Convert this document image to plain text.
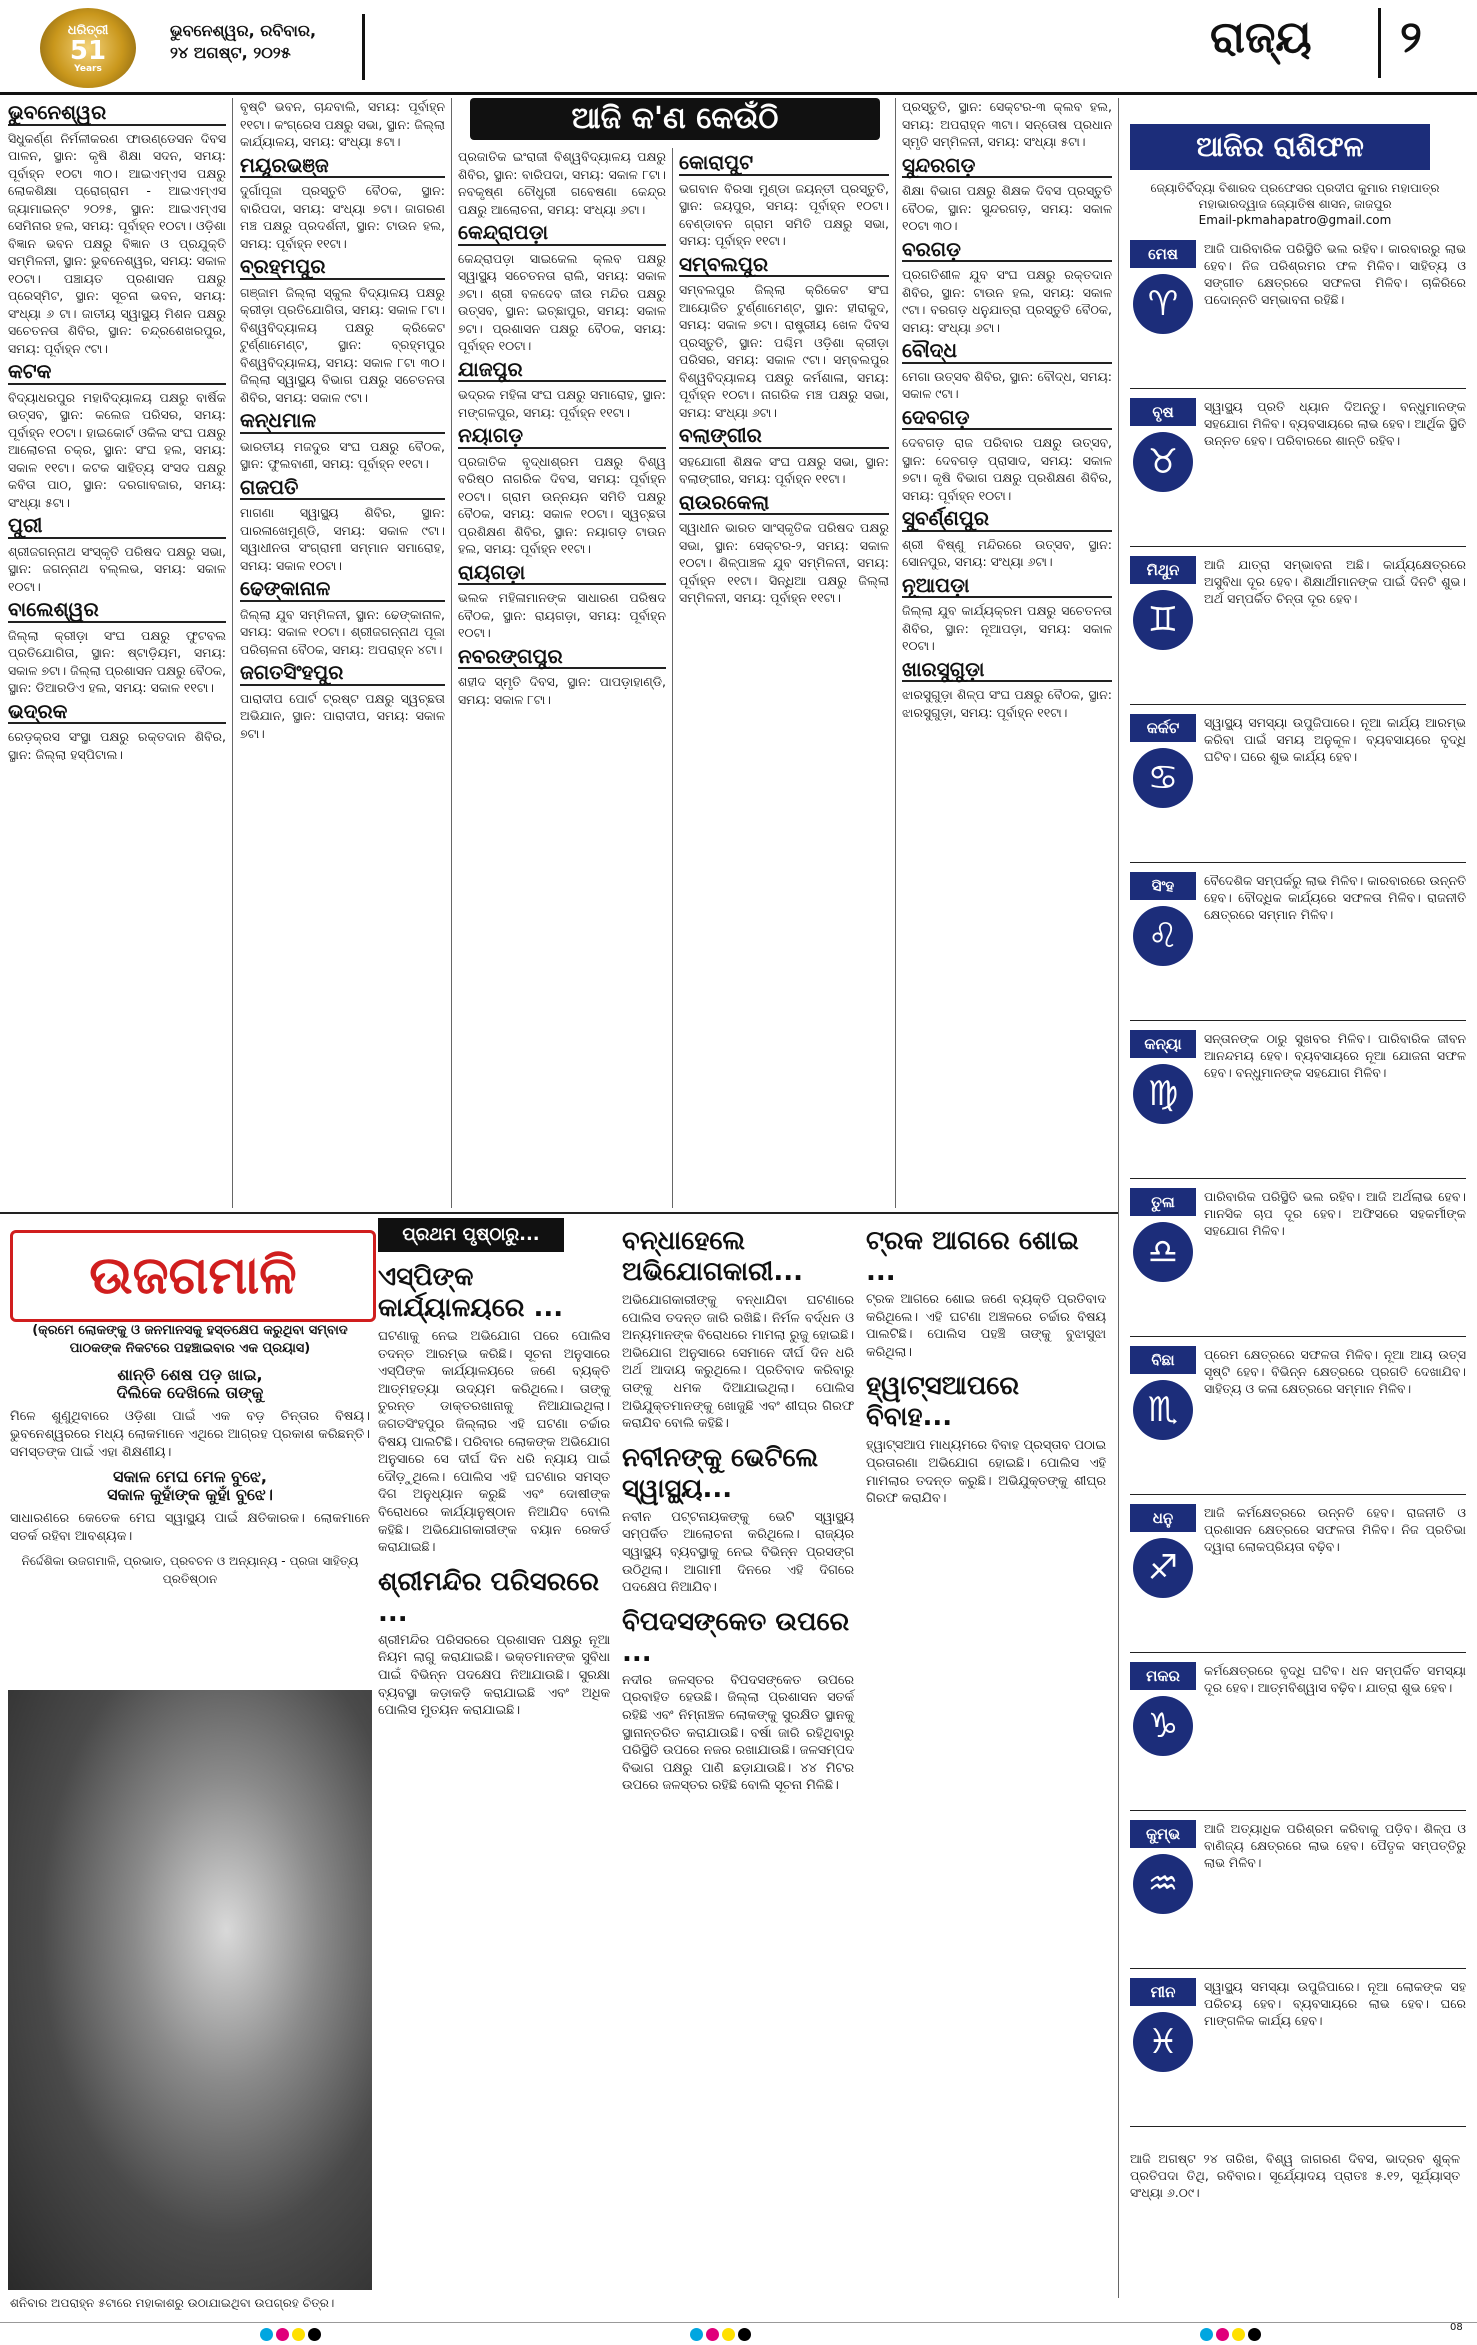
ଧରିତ୍ରୀ
51
Years
ଭୁବନେଶ୍ୱର, ରବିବାର,
୨୪ ଅଗଷ୍ଟ, ୨୦୨୫	ରାଜ୍ୟ ୨
ଆଜି କ'ଣ କେଉଁଠି
ଭୁବନେଶ୍ୱର

ସିଧୁକର୍ଣ୍ଣ ନିର୍ମଳୀକରଣ ଫାଉଣ୍ଡେସନ ଦିବସ ପାଳନ, ସ୍ଥାନ: କୃଷି ଶିକ୍ଷା ସଦନ, ସମୟ: ପୂର୍ବାହ୍ନ ୧୦ଟା ୩୦। ଆଇଏମ୍‌ଏସ ପକ୍ଷରୁ ଲୋକଶିକ୍ଷା ପ୍ରୋଗ୍ରାମ - ଆଇଏମ୍‌ଏସ ଜ୍ୟାମାଇନ୍ଟ ୨୦୨୫, ସ୍ଥାନ: ଆଇଏମ୍‌ଏସ ସେମିନାର ହଲ, ସମୟ: ପୂର୍ବାହ୍ନ ୧୦ଟା। ଓଡ଼ିଶା ବିଜ୍ଞାନ ଭବନ ପକ୍ଷରୁ ବିଜ୍ଞାନ ଓ ପ୍ରଯୁକ୍ତି ସମ୍ମିଳନୀ, ସ୍ଥାନ: ଭୁବନେଶ୍ୱର, ସମୟ: ସକାଳ ୧୦ଟା। ପଞ୍ଚାୟତ ପ୍ରଶାସନ ପକ୍ଷରୁ ପ୍ରେସ୍‌ମିଟ, ସ୍ଥାନ: ସୂଚନା ଭବନ, ସମୟ: ସଂଧ୍ୟା ୬ ଟା। ଜାତୀୟ ସ୍ୱାସ୍ଥ୍ୟ ମିଶନ ପକ୍ଷରୁ ସଚେତନତା ଶିବିର, ସ୍ଥାନ: ଚନ୍ଦ୍ରଶେଖରପୁର, ସମୟ: ପୂର୍ବାହ୍ନ ୯ଟା।

କଟକ

ବିଦ୍ୟାଧରପୁର ମହାବିଦ୍ୟାଳୟ ପକ୍ଷରୁ ବାର୍ଷିକ ଉତ୍ସବ, ସ୍ଥାନ: କଲେଜ ପରିସର, ସମୟ: ପୂର୍ବାହ୍ନ ୧୦ଟା। ହାଇକୋର୍ଟ ଓକିଲ ସଂଘ ପକ୍ଷରୁ ଆଲୋଚନା ଚକ୍ର, ସ୍ଥାନ: ସଂଘ ହଲ, ସମୟ: ସକାଳ ୧୧ଟା। କଟକ ସାହିତ୍ୟ ସଂସଦ ପକ୍ଷରୁ କବିତା ପାଠ, ସ୍ଥାନ: ଦରଗାବଜାର, ସମୟ: ସଂଧ୍ୟା ୫ଟା।

ପୁରୀ

ଶ୍ରୀଜଗନ୍ନାଥ ସଂସ୍କୃତି ପରିଷଦ ପକ୍ଷରୁ ସଭା, ସ୍ଥାନ: ଜଗନ୍ନାଥ ବଲ୍ଲଭ, ସମୟ: ସକାଳ ୧୦ଟା।

ବାଲେଶ୍ୱର

ଜିଲ୍ଲା କ୍ରୀଡ଼ା ସଂଘ ପକ୍ଷରୁ ଫୁଟବଲ ପ୍ରତିଯୋଗିତା, ସ୍ଥାନ: ଷ୍ଟାଡ଼ିୟମ, ସମୟ: ସକାଳ ୭ଟା। ଜିଲ୍ଲା ପ୍ରଶାସନ ପକ୍ଷରୁ ବୈଠକ, ସ୍ଥାନ: ଡିଆରଡିଏ ହଲ, ସମୟ: ସକାଳ ୧୧ଟା।

ଭଦ୍ରକ

ରେଡ଼କ୍ରସ ସଂସ୍ଥା ପକ୍ଷରୁ ରକ୍ତଦାନ ଶିବିର, ସ୍ଥାନ: ଜିଲ୍ଲା ହସ୍ପିଟାଲ।

ବୃଷ୍ଟି ଭବନ, ଚାନ୍ଦବାଲି, ସମୟ: ପୂର୍ବାହ୍ନ ୧୧ଟା। କଂଗ୍ରେସ ପକ୍ଷରୁ ସଭା, ସ୍ଥାନ: ଜିଲ୍ଲା କାର୍ଯ୍ୟାଳୟ, ସମୟ: ସଂଧ୍ୟା ୫ଟା।

ମୟୂରଭଞ୍ଜ

ଦୁର୍ଗାପୂଜା ପ୍ରସ୍ତୁତି ବୈଠକ, ସ୍ଥାନ: ବାରିପଦା, ସମୟ: ସଂଧ୍ୟା ୭ଟା। ଜାଗରଣ ମଞ୍ଚ ପକ୍ଷରୁ ପ୍ରଦର୍ଶନୀ, ସ୍ଥାନ: ଟାଉନ ହଲ, ସମୟ: ପୂର୍ବାହ୍ନ ୧୧ଟା।

ବ୍ରହ୍ମପୁର

ଗଞ୍ଜାମ ଜିଲ୍ଲା ସ୍କୁଲ ବିଦ୍ୟାଳୟ ପକ୍ଷରୁ କ୍ରୀଡ଼ା ପ୍ରତିଯୋଗିତା, ସମୟ: ସକାଳ ୮ଟା। ବିଶ୍ୱବିଦ୍ୟାଳୟ ପକ୍ଷରୁ କ୍ରିକେଟ ଟୁର୍ଣ୍ଣାମେଣ୍ଟ, ସ୍ଥାନ: ବ୍ରହ୍ମପୁର ବିଶ୍ୱବିଦ୍ୟାଳୟ, ସମୟ: ସକାଳ ୮ଟା ୩୦। ଜିଲ୍ଲା ସ୍ୱାସ୍ଥ୍ୟ ବିଭାଗ ପକ୍ଷରୁ ସଚେତନତା ଶିବିର, ସମୟ: ସକାଳ ୯ଟା।

କନ୍ଧମାଳ

ଭାରତୀୟ ମଜଦୁର ସଂଘ ପକ୍ଷରୁ ବୈଠକ, ସ୍ଥାନ: ଫୁଲବାଣୀ, ସମୟ: ପୂର୍ବାହ୍ନ ୧୧ଟା।

ଗଜପତି

ମାଗଣା ସ୍ୱାସ୍ଥ୍ୟ ଶିବିର, ସ୍ଥାନ: ପାରଳାଖେମୁଣ୍ଡି, ସମୟ: ସକାଳ ୯ଟା। ସ୍ୱାଧୀନତା ସଂଗ୍ରାମୀ ସମ୍ମାନ ସମାରୋହ, ସମୟ: ସକାଳ ୧୦ଟା।

ଢେଙ୍କାନାଳ

ଜିଲ୍ଲା ଯୁବ ସମ୍ମିଳନୀ, ସ୍ଥାନ: ଢେଙ୍କାନାଳ, ସମୟ: ସକାଳ ୧୦ଟା। ଶ୍ରୀଜଗନ୍ନାଥ ପୂଜା ପରିଚାଳନା ବୈଠକ, ସମୟ: ଅପରାହ୍ନ ୪ଟା।

ଜଗତସିଂହପୁର

ପାରାଦୀପ ପୋର୍ଟ ଟ୍ରଷ୍ଟ ପକ୍ଷରୁ ସ୍ୱଚ୍ଛତା ଅଭିଯାନ, ସ୍ଥାନ: ପାରାଦୀପ, ସମୟ: ସକାଳ ୭ଟା।

ପ୍ରଜାତିକ ଇଂରାଜୀ ବିଶ୍ୱବିଦ୍ୟାଳୟ ପକ୍ଷରୁ ଶିବିର, ସ୍ଥାନ: ବାରିପଦା, ସମୟ: ସକାଳ ୮ଟା। ନବକୃଷ୍ଣ ଚୌଧୁରୀ ଗବେଷଣା କେନ୍ଦ୍ର ପକ୍ଷରୁ ଆଲୋଚନା, ସମୟ: ସଂଧ୍ୟା ୬ଟା।

କେନ୍ଦ୍ରାପଡ଼ା

କେନ୍ଦ୍ରାପଡ଼ା ସାଇକେଲ କ୍ଲବ ପକ୍ଷରୁ ସ୍ୱାସ୍ଥ୍ୟ ସଚେତନତା ରାଲି, ସମୟ: ସକାଳ ୬ଟା। ଶ୍ରୀ ବଳଦେବ ଜୀଉ ମନ୍ଦିର ପକ୍ଷରୁ ଉତ୍ସବ, ସ୍ଥାନ: ଇଚ୍ଛାପୁର, ସମୟ: ସକାଳ ୭ଟା। ପ୍ରଶାସନ ପକ୍ଷରୁ ବୈଠକ, ସମୟ: ପୂର୍ବାହ୍ନ ୧୦ଟା।

ଯାଜପୁର

ଭଦ୍ରକ ମହିଳା ସଂଘ ପକ୍ଷରୁ ସମାରୋହ, ସ୍ଥାନ: ମଙ୍ଗଳପୁର, ସମୟ: ପୂର୍ବାହ୍ନ ୧୧ଟା।

ନୟାଗଡ଼

ପ୍ରଜାତିକ ବୃଦ୍ଧାଶ୍ରମ ପକ୍ଷରୁ ବିଶ୍ୱ ବରିଷ୍ଠ ନାଗରିକ ଦିବସ, ସମୟ: ପୂର୍ବାହ୍ନ ୧୦ଟା। ଗ୍ରାମ ଉନ୍ନୟନ ସମିତି ପକ୍ଷରୁ ବୈଠକ, ସମୟ: ସକାଳ ୧୦ଟା। ସ୍ୱଚ୍ଛତା ପ୍ରଶିକ୍ଷଣ ଶିବିର, ସ୍ଥାନ: ନୟାଗଡ଼ ଟାଉନ ହଲ, ସମୟ: ପୂର୍ବାହ୍ନ ୧୧ଟା।

ରାୟଗଡ଼ା

ଭଲକ ମହିଳାମାନଙ୍କ ସାଧାରଣ ପରିଷଦ ବୈଠକ, ସ୍ଥାନ: ରାୟଗଡ଼ା, ସମୟ: ପୂର୍ବାହ୍ନ ୧୦ଟା।

ନବରଙ୍ଗପୁର

ଶହୀଦ ସ୍ମୃତି ଦିବସ, ସ୍ଥାନ: ପାପଡ଼ାହାଣ୍ଡି, ସମୟ: ସକାଳ ୮ଟା।

କୋରାପୁଟ

ଭଗବାନ ବିରସା ମୁଣ୍ଡା ଜୟନ୍ତୀ ପ୍ରସ୍ତୁତି, ସ୍ଥାନ: ଜୟପୁର, ସମୟ: ପୂର୍ବାହ୍ନ ୧୦ଟା। ବେଣ୍ଡାବନ ଗ୍ରାମ ସମିତି ପକ୍ଷରୁ ସଭା, ସମୟ: ପୂର୍ବାହ୍ନ ୧୧ଟା।

ସମ୍ବଲପୁର

ସମ୍ବଲପୁର ଜିଲ୍ଲା କ୍ରିକେଟ ସଂଘ ଆୟୋଜିତ ଟୁର୍ଣ୍ଣାମେଣ୍ଟ, ସ୍ଥାନ: ହୀରାକୁଦ, ସମୟ: ସକାଳ ୭ଟା। ରାଷ୍ଟ୍ରୀୟ ଖେଳ ଦିବସ ପ୍ରସ୍ତୁତି, ସ୍ଥାନ: ପଶ୍ଚିମ ଓଡ଼ିଶା କ୍ରୀଡ଼ା ପରିସର, ସମୟ: ସକାଳ ୯ଟା। ସମ୍ବଲପୁର ବିଶ୍ୱବିଦ୍ୟାଳୟ ପକ୍ଷରୁ କର୍ମଶାଳା, ସମୟ: ପୂର୍ବାହ୍ନ ୧୦ଟା। ନାଗରିକ ମଞ୍ଚ ପକ୍ଷରୁ ସଭା, ସମୟ: ସଂଧ୍ୟା ୬ଟା।

ବଲାଙ୍ଗୀର

ସହଯୋଗୀ ଶିକ୍ଷକ ସଂଘ ପକ୍ଷରୁ ସଭା, ସ୍ଥାନ: ବଲାଙ୍ଗୀର, ସମୟ: ପୂର୍ବାହ୍ନ ୧୧ଟା।

ରାଉରକେଲା

ସ୍ୱାଧୀନ ଭାରତ ସାଂସ୍କୃତିକ ପରିଷଦ ପକ୍ଷରୁ ସଭା, ସ୍ଥାନ: ସେକ୍ଟର-୨, ସମୟ: ସକାଳ ୧୦ଟା। ଶିଳ୍ପାଞ୍ଚଳ ଯୁବ ସମ୍ମିଳନୀ, ସମୟ: ପୂର୍ବାହ୍ନ ୧୧ଟା। ସିନ୍ଧିଆ ପକ୍ଷରୁ ଜିଲ୍ଲା ସମ୍ମିଳନୀ, ସମୟ: ପୂର୍ବାହ୍ନ ୧୧ଟା।

ପ୍ରସ୍ତୁତି, ସ୍ଥାନ: ସେକ୍ଟର-୩ କ୍ଲବ ହଲ, ସମୟ: ଅପରାହ୍ନ ୩ଟା। ସନ୍ତୋଷ ପ୍ରଧାନ ସ୍ମୃତି ସମ୍ମିଳନୀ, ସମୟ: ସଂଧ୍ୟା ୫ଟା।

ସୁନ୍ଦରଗଡ଼

ଶିକ୍ଷା ବିଭାଗ ପକ୍ଷରୁ ଶିକ୍ଷକ ଦିବସ ପ୍ରସ୍ତୁତି ବୈଠକ, ସ୍ଥାନ: ସୁନ୍ଦରଗଡ଼, ସମୟ: ସକାଳ ୧୦ଟା ୩୦।

ବରଗଡ଼

ପ୍ରଗତିଶୀଳ ଯୁବ ସଂଘ ପକ୍ଷରୁ ରକ୍ତଦାନ ଶିବିର, ସ୍ଥାନ: ଟାଉନ ହଲ, ସମୟ: ସକାଳ ୯ଟା। ବରଗଡ଼ ଧନୁଯାତ୍ରା ପ୍ରସ୍ତୁତି ବୈଠକ, ସମୟ: ସଂଧ୍ୟା ୬ଟା।

ବୌଦ୍ଧ

ମେଗା ଉତ୍ସବ ଶିବିର, ସ୍ଥାନ: ବୌଦ୍ଧ, ସମୟ: ସକାଳ ୯ଟା।

ଦେବଗଡ଼

ଦେବଗଡ଼ ରାଜ ପରିବାର ପକ୍ଷରୁ ଉତ୍ସବ, ସ୍ଥାନ: ଦେବଗଡ଼ ପ୍ରାସାଦ, ସମୟ: ସକାଳ ୭ଟା। କୃଷି ବିଭାଗ ପକ୍ଷରୁ ପ୍ରଶିକ୍ଷଣ ଶିବିର, ସମୟ: ପୂର୍ବାହ୍ନ ୧୦ଟା।

ସୁବର୍ଣ୍ଣପୁର

ଶ୍ରୀ ବିଷ୍ଣୁ ମନ୍ଦିରରେ ଉତ୍ସବ, ସ୍ଥାନ: ସୋନପୁର, ସମୟ: ସଂଧ୍ୟା ୬ଟା।

ନୂଆପଡ଼ା

ଜିଲ୍ଲା ଯୁବ କାର୍ଯ୍ୟକ୍ରମ ପକ୍ଷରୁ ସଚେତନତା ଶିବିର, ସ୍ଥାନ: ନୂଆପଡ଼ା, ସମୟ: ସକାଳ ୧୦ଟା।

ଖାରସୁଗୁଡ଼ା

ଝାରସୁଗୁଡ଼ା ଶିଳ୍ପ ସଂଘ ପକ୍ଷରୁ ବୈଠକ, ସ୍ଥାନ: ଝାରସୁଗୁଡ଼ା, ସମୟ: ପୂର୍ବାହ୍ନ ୧୧ଟା।

ଆଜିର ରାଶିଫଳ
ଜ୍ୟୋତିର୍ବିଦ୍ୟା ବିଶାରଦ ପ୍ରଫେସର ପ୍ରଦୀପ କୁମାର ମହାପାତ୍ର
ମହାଭାରଦ୍ୱାଜ ଜ୍ୟୋତିଷ ଶାସନ, ଜାଜପୁର
Email-pkmahapatro@gmail.com
ମେଷ
♈
ଆଜି ପାରିବାରିକ ପରିସ୍ଥିତି ଭଲ ରହିବ। କାରବାରରୁ ଲାଭ ହେବ। ନିଜ ପରିଶ୍ରମର ଫଳ ମିଳିବ। ସାହିତ୍ୟ ଓ ସଙ୍ଗୀତ କ୍ଷେତ୍ରରେ ସଫଳତା ମିଳିବ। ଚାକିରିରେ ପଦୋନ୍ନତି ସମ୍ଭାବନା ରହିଛି।
ବୃଷ
♉
ସ୍ୱାସ୍ଥ୍ୟ ପ୍ରତି ଧ୍ୟାନ ଦିଅନ୍ତୁ। ବନ୍ଧୁମାନଙ୍କ ସହଯୋଗ ମିଳିବ। ବ୍ୟବସାୟରେ ଲାଭ ହେବ। ଆର୍ଥିକ ସ୍ଥିତି ଉନ୍ନତ ହେବ। ପରିବାରରେ ଶାନ୍ତି ରହିବ।
ମିଥୁନ
♊
ଆଜି ଯାତ୍ରା ସମ୍ଭାବନା ଅଛି। କାର୍ଯ୍ୟକ୍ଷେତ୍ରରେ ଅସୁବିଧା ଦୂର ହେବ। ଶିକ୍ଷାର୍ଥୀମାନଙ୍କ ପାଇଁ ଦିନଟି ଶୁଭ। ଅର୍ଥ ସମ୍ପର୍କିତ ଚିନ୍ତା ଦୂର ହେବ।
କର୍କଟ
♋
ସ୍ୱାସ୍ଥ୍ୟ ସମସ୍ୟା ଉପୁଜିପାରେ। ନୂଆ କାର୍ଯ୍ୟ ଆରମ୍ଭ କରିବା ପାଇଁ ସମୟ ଅନୁକୂଳ। ବ୍ୟବସାୟରେ ବୃଦ୍ଧି ଘଟିବ। ଘରେ ଶୁଭ କାର୍ଯ୍ୟ ହେବ।
ସିଂହ
♌
ବୈଦେଶିକ ସମ୍ପର୍କରୁ ଲାଭ ମିଳିବ। କାରବାରରେ ଉନ୍ନତି ହେବ। ବୌଦ୍ଧିକ କାର୍ଯ୍ୟରେ ସଫଳତା ମିଳିବ। ରାଜନୀତି କ୍ଷେତ୍ରରେ ସମ୍ମାନ ମିଳିବ।
କନ୍ୟା
♍
ସନ୍ତାନଙ୍କ ଠାରୁ ସୁଖବର ମିଳିବ। ପାରିବାରିକ ଜୀବନ ଆନନ୍ଦମୟ ହେବ। ବ୍ୟବସାୟରେ ନୂଆ ଯୋଜନା ସଫଳ ହେବ। ବନ୍ଧୁମାନଙ୍କ ସହଯୋଗ ମିଳିବ।
ତୁଳା
♎
ପାରିବାରିକ ପରିସ୍ଥିତି ଭଲ ରହିବ। ଆଜି ଅର୍ଥଲାଭ ହେବ। ମାନସିକ ଚାପ ଦୂର ହେବ। ଅଫିସରେ ସହକର୍ମୀଙ୍କ ସହଯୋଗ ମିଳିବ।
ବିଛା
♏
ପ୍ରେମ କ୍ଷେତ୍ରରେ ସଫଳତା ମିଳିବ। ନୂଆ ଆୟ ଉତ୍ସ ସୃଷ୍ଟି ହେବ। ବିଭିନ୍ନ କ୍ଷେତ୍ରରେ ପ୍ରଗତି ଦେଖାଯିବ। ସାହିତ୍ୟ ଓ କଳା କ୍ଷେତ୍ରରେ ସମ୍ମାନ ମିଳିବ।
ଧନୁ
♐
ଆଜି କର୍ମକ୍ଷେତ୍ରରେ ଉନ୍ନତି ହେବ। ରାଜନୀତି ଓ ପ୍ରଶାସନ କ୍ଷେତ୍ରରେ ସଫଳତା ମିଳିବ। ନିଜ ପ୍ରତିଭା ଦ୍ୱାରା ଲୋକପ୍ରିୟତା ବଢ଼ିବ।
ମକର
♑
କର୍ମକ୍ଷେତ୍ରରେ ବୃଦ୍ଧି ଘଟିବ। ଧନ ସମ୍ପର୍କିତ ସମସ୍ୟା ଦୂର ହେବ। ଆତ୍ମବିଶ୍ୱାସ ବଢ଼ିବ। ଯାତ୍ରା ଶୁଭ ହେବ।
କୁମ୍ଭ
♒
ଆଜି ଅତ୍ୟାଧିକ ପରିଶ୍ରମ କରିବାକୁ ପଡ଼ିବ। ଶିଳ୍ପ ଓ ବାଣିଜ୍ୟ କ୍ଷେତ୍ରରେ ଲାଭ ହେବ। ପୈତୃକ ସମ୍ପତ୍ତିରୁ ଲାଭ ମିଳିବ।
ମୀନ
♓
ସ୍ୱାସ୍ଥ୍ୟ ସମସ୍ୟା ଉପୁଜିପାରେ। ନୂଆ ଲୋକଙ୍କ ସହ ପରିଚୟ ହେବ। ବ୍ୟବସାୟରେ ଲାଭ ହେବ। ଘରେ ମାଙ୍ଗଳିକ କାର୍ଯ୍ୟ ହେବ।
ଆଜି ଅଗଷ୍ଟ ୨୪ ତାରିଖ, ବିଶ୍ୱ ଜାଗରଣ ଦିବସ, ଭାଦ୍ରବ ଶୁକ୍ଳ ପ୍ରତିପଦା ତିଥି, ରବିବାର। ସୂର୍ଯ୍ୟୋଦୟ ପ୍ରାତଃ ୫.୧୨, ସୂର୍ଯ୍ୟାସ୍ତ ସଂଧ୍ୟା ୬.୦୯।
ଉଜଗମାଳି
(କ୍ରମେ ଲୋକଙ୍କୁ ଓ ଜନମାନସକୁ ହସ୍ତକ୍ଷେପ କରୁଥିବା ସମ୍ବାଦ ପାଠକଙ୍କ ନିକଟରେ ପହଞ୍ଚାଇବାର ଏକ ପ୍ରୟାସ)
ଶାନ୍ତି ଶେଷ ପଡ଼ ଖାଇ,
ଦିଲିକେ ଦେଖିଲେ ତାଙ୍କୁ
ମିଳେ ଶୁଣୁଥିବାରେ ଓଡ଼ିଶା ପାଇଁ ଏକ ବଡ଼ ଚିନ୍ତାର ବିଷୟ। ଭୁବନେଶ୍ୱରରେ ମଧ୍ୟ ଲୋକମାନେ ଏଥିରେ ଆଗ୍ରହ ପ୍ରକାଶ କରିଛନ୍ତି। ସମସ୍ତଙ୍କ ପାଇଁ ଏହା ଶିକ୍ଷଣୀୟ।
ସକାଳ ମେଘ ମେଳ ବୁଝେ,
ସକାଳ କୁହାଁଙ୍କ କୁହାଁ ବୁଝେ।
ସାଧାରଣରେ କେତେକ ମେଘ ସ୍ୱାସ୍ଥ୍ୟ ପାଇଁ କ୍ଷତିକାରକ। ଲୋକମାନେ ସତର୍କ ରହିବା ଆବଶ୍ୟକ।
ନିର୍ଦ୍ଦେଶିକା ଉଜଗମାଳି, ପ୍ରଭାତ, ପ୍ରବଚନ ଓ ଅନ୍ୟାନ୍ୟ - ପ୍ରଜା ସାହିତ୍ୟ ପ୍ରତିଷ୍ଠାନ
ଶନିବାର ଅପରାହ୍ନ ୫ଟାରେ ମହାକାଶରୁ ଉଠାଯାଇଥିବା ଉପଗ୍ରହ ଚିତ୍ର।
ପ୍ରଥମ ପୃଷ୍ଠାରୁ...
ଏସ୍‌ପିଙ୍କ କାର୍ଯ୍ୟାଳୟରେ ...
ଘଟଣାକୁ ନେଇ ଅଭିଯୋଗ ପରେ ପୋଲିସ ତଦନ୍ତ ଆରମ୍ଭ କରିଛି। ସୂଚନା ଅନୁସାରେ ଏସ୍‌ପିଙ୍କ କାର୍ଯ୍ୟାଳୟରେ ଜଣେ ବ୍ୟକ୍ତି ଆତ୍ମହତ୍ୟା ଉଦ୍ୟମ କରିଥିଲେ। ତାଙ୍କୁ ତୁରନ୍ତ ଡାକ୍ତରଖାନାକୁ ନିଆଯାଇଥିଲା। ଜଗତସିଂହପୁର ଜିଲ୍ଲାର ଏହି ଘଟଣା ଚର୍ଚ୍ଚାର ବିଷୟ ପାଲଟିଛି। ପରିବାର ଲୋକଙ୍କ ଅଭିଯୋଗ ଅନୁସାରେ ସେ ଦୀର୍ଘ ଦିନ ଧରି ନ୍ୟାୟ ପାଇଁ ଦୌଡ଼ୁଥିଲେ। ପୋଲିସ ଏହି ଘଟଣାର ସମସ୍ତ ଦିଗ ଅନୁଧ୍ୟାନ କରୁଛି ଏବଂ ଦୋଷୀଙ୍କ ବିରୋଧରେ କାର୍ଯ୍ୟାନୁଷ୍ଠାନ ନିଆଯିବ ବୋଲି କହିଛି। ଅଭିଯୋଗକାରୀଙ୍କ ବୟାନ ରେକର୍ଡ କରାଯାଇଛି।
ଶ୍ରୀମନ୍ଦିର ପରିସରରେ ...
ଶ୍ରୀମନ୍ଦିର ପରିସରରେ ପ୍ରଶାସନ ପକ୍ଷରୁ ନୂଆ ନିୟମ ଲାଗୁ କରାଯାଇଛି। ଭକ୍ତମାନଙ୍କ ସୁବିଧା ପାଇଁ ବିଭିନ୍ନ ପଦକ୍ଷେପ ନିଆଯାଉଛି। ସୁରକ୍ଷା ବ୍ୟବସ୍ଥା କଡ଼ାକଡ଼ି କରାଯାଇଛି ଏବଂ ଅଧିକ ପୋଲିସ ମୁତୟନ କରାଯାଇଛି।
ବନ୍ଧାହେଲେ ଅଭିଯୋଗକାରୀ...
ଅଭିଯୋଗକାରୀଙ୍କୁ ବନ୍ଧାଯିବା ଘଟଣାରେ ପୋଲିସ ତଦନ୍ତ ଜାରି ରଖିଛି। ନିର୍ମଳ ବର୍ଦ୍ଧନ ଓ ଅନ୍ୟମାନଙ୍କ ବିରୋଧରେ ମାମଲା ରୁଜୁ ହୋଇଛି। ଅଭିଯୋଗ ଅନୁସାରେ ସେମାନେ ଦୀର୍ଘ ଦିନ ଧରି ଅର୍ଥ ଆଦାୟ କରୁଥିଲେ। ପ୍ରତିବାଦ କରିବାରୁ ତାଙ୍କୁ ଧମକ ଦିଆଯାଇଥିଲା। ପୋଲିସ ଅଭିଯୁକ୍ତମାନଙ୍କୁ ଖୋଜୁଛି ଏବଂ ଶୀଘ୍ର ଗିରଫ କରାଯିବ ବୋଲି କହିଛି।
ନବୀନଙ୍କୁ ଭେଟିଲେ ସ୍ୱାସ୍ଥ୍ୟ...
ନବୀନ ପଟ୍ଟନାୟକଙ୍କୁ ଭେଟି ସ୍ୱାସ୍ଥ୍ୟ ସମ୍ପର୍କିତ ଆଲୋଚନା କରିଥିଲେ। ରାଜ୍ୟର ସ୍ୱାସ୍ଥ୍ୟ ବ୍ୟବସ୍ଥାକୁ ନେଇ ବିଭିନ୍ନ ପ୍ରସଙ୍ଗ ଉଠିଥିଲା। ଆଗାମୀ ଦିନରେ ଏହି ଦିଗରେ ପଦକ୍ଷେପ ନିଆଯିବ।
ବିପଦସଙ୍କେତ ଉପରେ ...
ନଦୀର ଜଳସ୍ତର ବିପଦସଙ୍କେତ ଉପରେ ପ୍ରବାହିତ ହେଉଛି। ଜିଲ୍ଲା ପ୍ରଶାସନ ସତର୍କ ରହିଛି ଏବଂ ନିମ୍ନାଞ୍ଚଳ ଲୋକଙ୍କୁ ସୁରକ୍ଷିତ ସ୍ଥାନକୁ ସ୍ଥାନାନ୍ତରିତ କରାଯାଉଛି। ବର୍ଷା ଜାରି ରହିଥିବାରୁ ପରିସ୍ଥିତି ଉପରେ ନଜର ରଖାଯାଉଛି। ଜଳସମ୍ପଦ ବିଭାଗ ପକ୍ଷରୁ ପାଣି ଛଡ଼ାଯାଉଛି। ୪୪ ମିଟର ଉପରେ ଜଳସ୍ତର ରହିଛି ବୋଲି ସୂଚନା ମିଳିଛି।
ଟ୍ରକ ଆଗରେ ଶୋଇ ...
ଟ୍ରକ ଆଗରେ ଶୋଇ ଜଣେ ବ୍ୟକ୍ତି ପ୍ରତିବାଦ କରିଥିଲେ। ଏହି ଘଟଣା ଅଞ୍ଚଳରେ ଚର୍ଚ୍ଚାର ବିଷୟ ପାଲଟିଛି। ପୋଲିସ ପହଞ୍ଚି ତାଙ୍କୁ ବୁଝାସୁଝା କରିଥିଲା।
ହ୍ୱାଟ୍ସଆପରେ ବିବାହ...
ହ୍ୱାଟ୍ସଆପ ମାଧ୍ୟମରେ ବିବାହ ପ୍ରସ୍ତାବ ପଠାଇ ପ୍ରତାରଣା ଅଭିଯୋଗ ହୋଇଛି। ପୋଲିସ ଏହି ମାମଲାର ତଦନ୍ତ କରୁଛି। ଅଭିଯୁକ୍ତଙ୍କୁ ଶୀଘ୍ର ଗିରଫ କରାଯିବ।
08
